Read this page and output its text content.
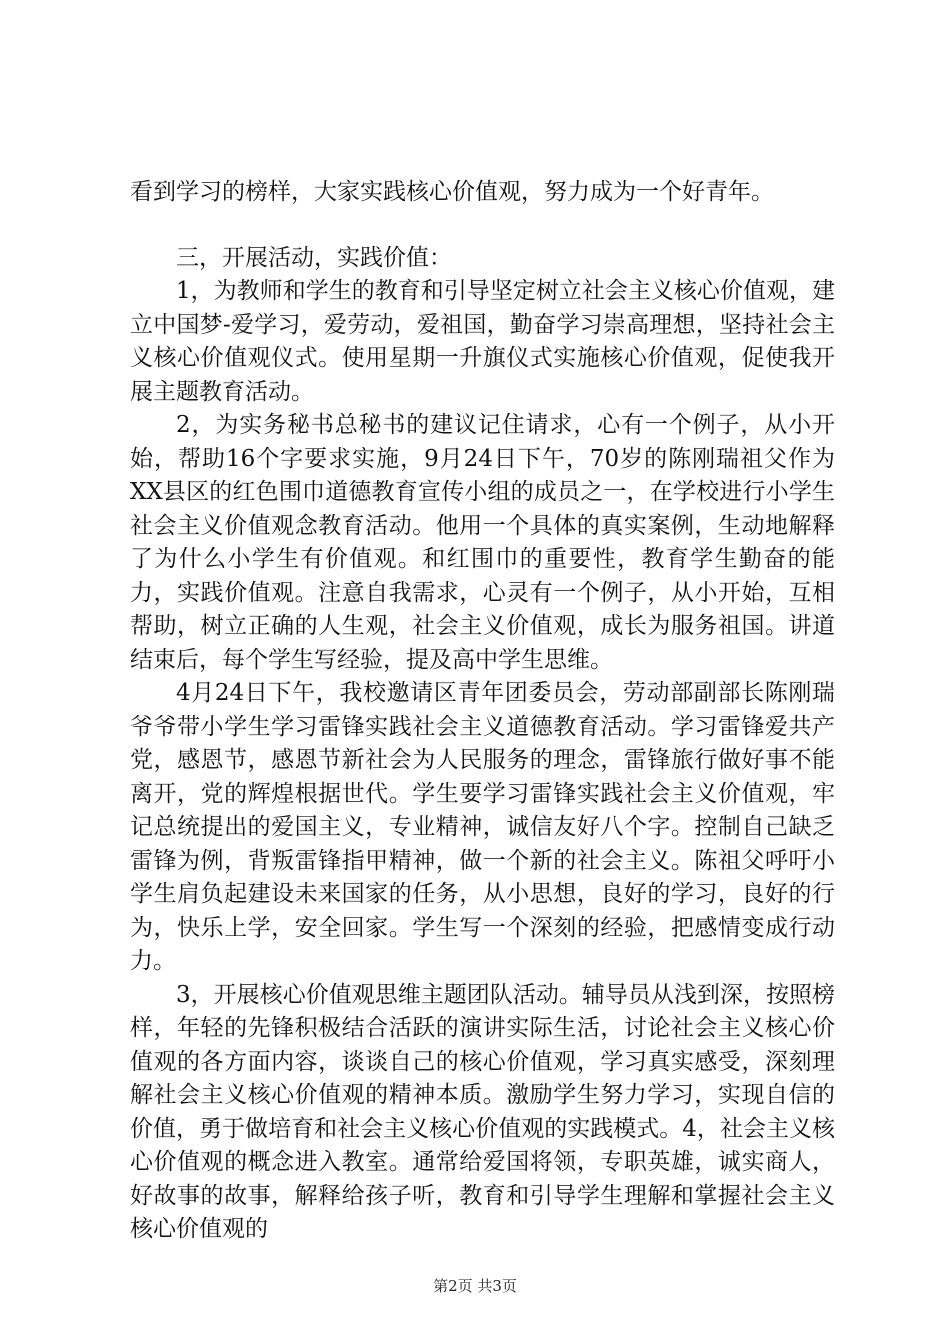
看到学习的榜样，大家实践核心价值观，努力成为一个好青年。

三，开展活动，实践价值：

1，为教师和学生的教育和引导坚定树立社会主义核心价值观，建立中国梦-爱学习，爱劳动，爱祖国，勤奋学习崇高理想，坚持社会主义核心价值观仪式。使用星期一升旗仪式实施核心价值观，促使我开展主题教育活动。

2，为实务秘书总秘书的建议记住请求，心有一个例子，从小开始，帮助16个字要求实施，9月24日下午，70岁的陈刚瑞祖父作为XX县区的红色围巾道德教育宣传小组的成员之一，在学校进行小学生社会主义价值观念教育活动。他用一个具体的真实案例，生动地解释了为什么小学生有价值观。和红围巾的重要性，教育学生勤奋的能力，实践价值观。注意自我需求，心灵有一个例子，从小开始，互相帮助，树立正确的人生观，社会主义价值观，成长为服务祖国。讲道结束后，每个学生写经验，提及高中学生思维。

4月24日下午，我校邀请区青年团委员会，劳动部副部长陈刚瑞爷爷带小学生学习雷锋实践社会主义道德教育活动。学习雷锋爱共产党，感恩节，感恩节新社会为人民服务的理念，雷锋旅行做好事不能离开，党的辉煌根据世代。学生要学习雷锋实践社会主义价值观，牢记总统提出的爱国主义，专业精神，诚信友好八个字。控制自己缺乏雷锋为例，背叛雷锋指甲精神，做一个新的社会主义。陈祖父呼吁小学生肩负起建设未来国家的任务，从小思想，良好的学习，良好的行为，快乐上学，安全回家。学生写一个深刻的经验，把感情变成行动力。

3，开展核心价值观思维主题团队活动。辅导员从浅到深，按照榜样，年轻的先锋积极结合活跃的演讲实际生活，讨论社会主义核心价值观的各方面内容，谈谈自己的核心价值观，学习真实感受，深刻理解社会主义核心价值观的精神本质。激励学生努力学习，实现自信的价值，勇于做培育和社会主义核心价值观的实践模式。4，社会主义核心价值观的概念进入教室。通常给爱国将领，专职英雄，诚实商人，好故事的故事，解释给孩子听，教育和引导学生理解和掌握社会主义核心价值观的

第2页 共3页
